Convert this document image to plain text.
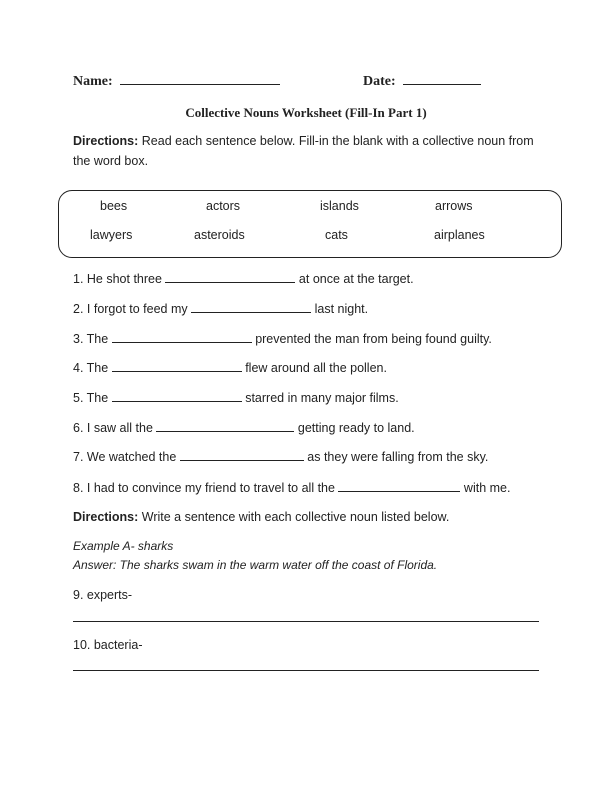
Name:	Date:
Collective Nouns Worksheet (Fill-In Part 1)
Directions: Read each sentence below. Fill-in the blank with a collective noun from the word box.
bees	actors	islands	arrows
lawyers	asteroids	cats	airplanes
1. He shot three	at once at the target.
2. I forgot to feed my	last night.
3. The	prevented the man from being found guilty.
4. The	flew around all the pollen.
5. The	starred in many major films.
6. I saw all the	getting ready to land.
7. We watched the	as they were falling from the sky.
8. I had to convince my friend to travel to all the	with me.
Directions: Write a sentence with each collective noun listed below.
Example A- sharks
Answer: The sharks swam in the warm water off the coast of Florida.
9. experts-
10. bacteria-
